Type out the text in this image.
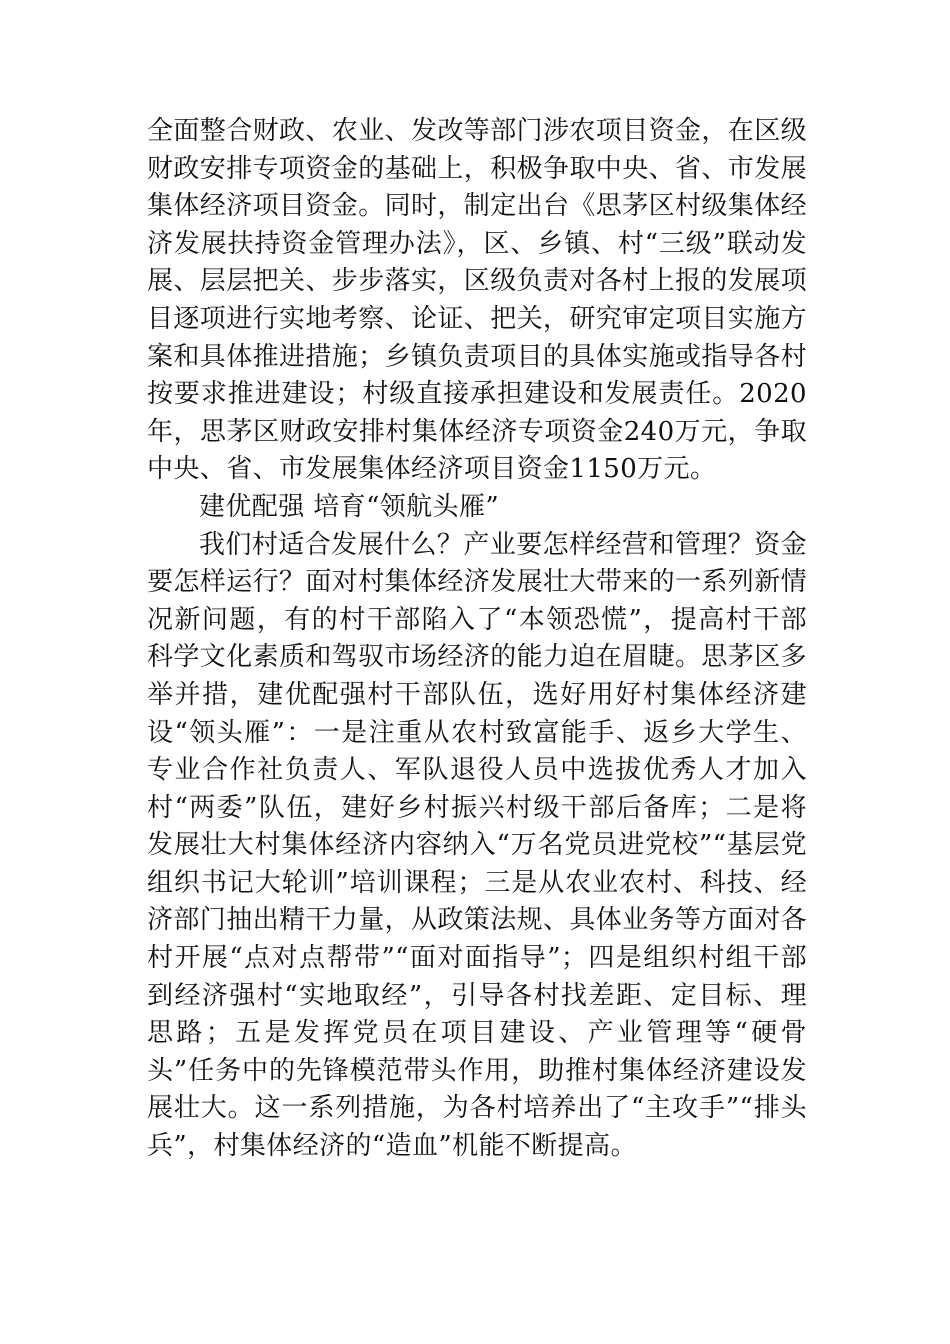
全面整合财政、农业、发改等部门涉农项目资金，在区级财政安排专项资金的基础上，积极争取中央、省、市发展集体经济项目资金。同时，制定出台《思茅区村级集体经济发展扶持资金管理办法》，区、乡镇、村“三级”联动发展、层层把关、步步落实，区级负责对各村上报的发展项目逐项进行实地考察、论证、把关，研究审定项目实施方案和具体推进措施；乡镇负责项目的具体实施或指导各村按要求推进建设；村级直接承担建设和发展责任。2020年，思茅区财政安排村集体经济专项资金240万元，争取中央、省、市发展集体经济项目资金1150万元。

建优配强 培育“领航头雁”

我们村适合发展什么？产业要怎样经营和管理？资金要怎样运行？面对村集体经济发展壮大带来的一系列新情况新问题，有的村干部陷入了“本领恐慌”，提高村干部科学文化素质和驾驭市场经济的能力迫在眉睫。思茅区多举并措，建优配强村干部队伍，选好用好村集体经济建设“领头雁”：一是注重从农村致富能手、返乡大学生、专业合作社负责人、军队退役人员中选拔优秀人才加入村“两委”队伍，建好乡村振兴村级干部后备库；二是将发展壮大村集体经济内容纳入“万名党员进党校”“基层党组织书记大轮训”培训课程；三是从农业农村、科技、经济部门抽出精干力量，从政策法规、具体业务等方面对各村开展“点对点帮带”“面对面指导”；四是组织村组干部到经济强村“实地取经”，引导各村找差距、定目标、理思路；五是发挥党员在项目建设、产业管理等“硬骨头”任务中的先锋模范带头作用，助推村集体经济建设发展壮大。这一系列措施，为各村培养出了“主攻手”“排头兵”，村集体经济的“造血”机能不断提高。
